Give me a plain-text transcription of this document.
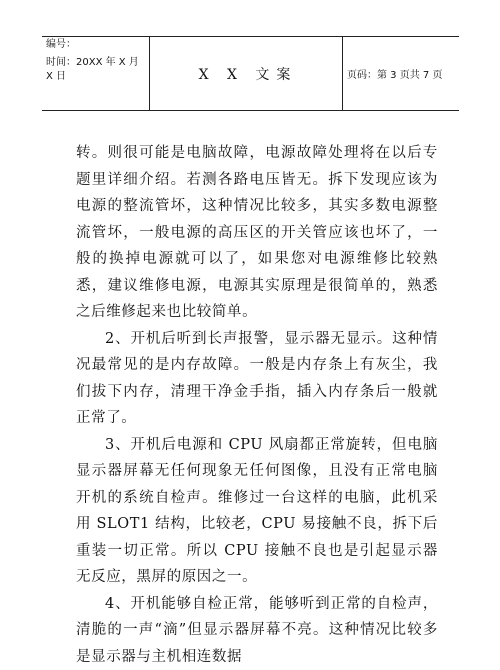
编号：
时间：20XX 年 X 月 X 日	X X 文案	页码：第 3 页共 7 页

转。则很可能是电脑故障，电源故障处理将在以后专题里详细介绍。若测各路电压皆无。拆下发现应该为电源的整流管坏，这种情况比较多，其实多数电源整流管坏，一般电源的高压区的开关管应该也坏了，一般的换掉电源就可以了，如果您对电源维修比较熟悉，建议维修电源，电源其实原理是很简单的，熟悉之后维修起来也比较简单。

2、开机后听到长声报警，显示器无显示。这种情况最常见的是内存故障。一般是内存条上有灰尘，我们拔下内存，清理干净金手指，插入内存条后一般就正常了。

3、开机后电源和 CPU 风扇都正常旋转，但电脑显示器屏幕无任何现象无任何图像，且没有正常电脑开机的系统自检声。维修过一台这样的电脑，此机采用 SLOT1 结构，比较老，CPU 易接触不良，拆下后重装一切正常。所以 CPU 接触不良也是引起显示器无反应，黑屏的原因之一。

4、开机能够自检正常，能够听到正常的自检声，清脆的一声“滴”但显示器屏幕不亮。这种情况比较多是显示器与主机相连数据
